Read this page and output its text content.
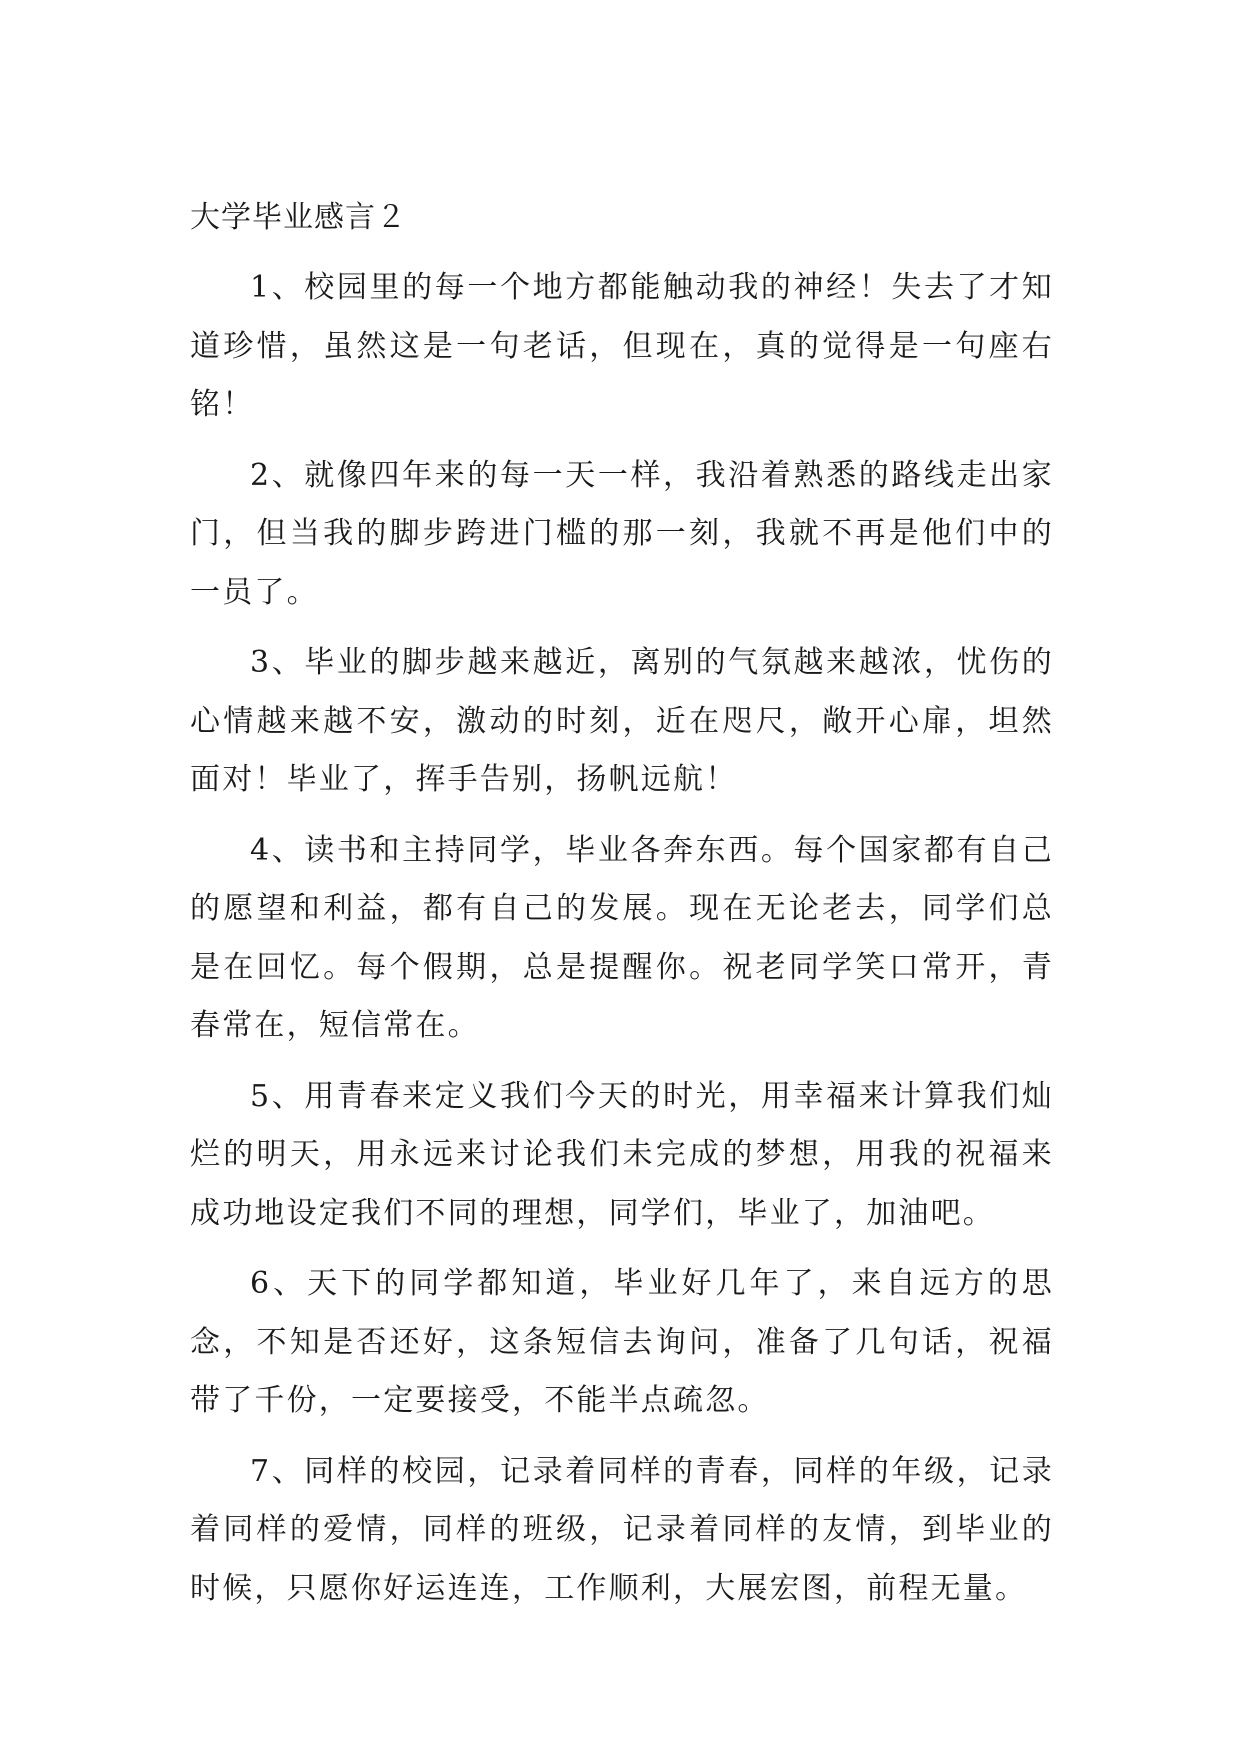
大学毕业感言２

1、校园里的每一个地方都能触动我的神经！失去了才知道珍惜，虽然这是一句老话，但现在，真的觉得是一句座右铭！

2、就像四年来的每一天一样，我沿着熟悉的路线走出家门，但当我的脚步跨进门槛的那一刻，我就不再是他们中的一员了。

3、毕业的脚步越来越近，离别的气氛越来越浓，忧伤的心情越来越不安，激动的时刻，近在咫尺，敞开心扉，坦然面对！毕业了，挥手告别，扬帆远航！

4、读书和主持同学，毕业各奔东西。每个国家都有自己的愿望和利益，都有自己的发展。现在无论老去，同学们总是在回忆。每个假期，总是提醒你。祝老同学笑口常开，青春常在，短信常在。

5、用青春来定义我们今天的时光，用幸福来计算我们灿烂的明天，用永远来讨论我们未完成的梦想，用我的祝福来成功地设定我们不同的理想，同学们，毕业了，加油吧。

6、天下的同学都知道，毕业好几年了，来自远方的思念，不知是否还好，这条短信去询问，准备了几句话，祝福带了千份，一定要接受，不能半点疏忽。

7、同样的校园，记录着同样的青春，同样的年级，记录着同样的爱情，同样的班级，记录着同样的友情，到毕业的时候，只愿你好运连连，工作顺利，大展宏图，前程无量。
